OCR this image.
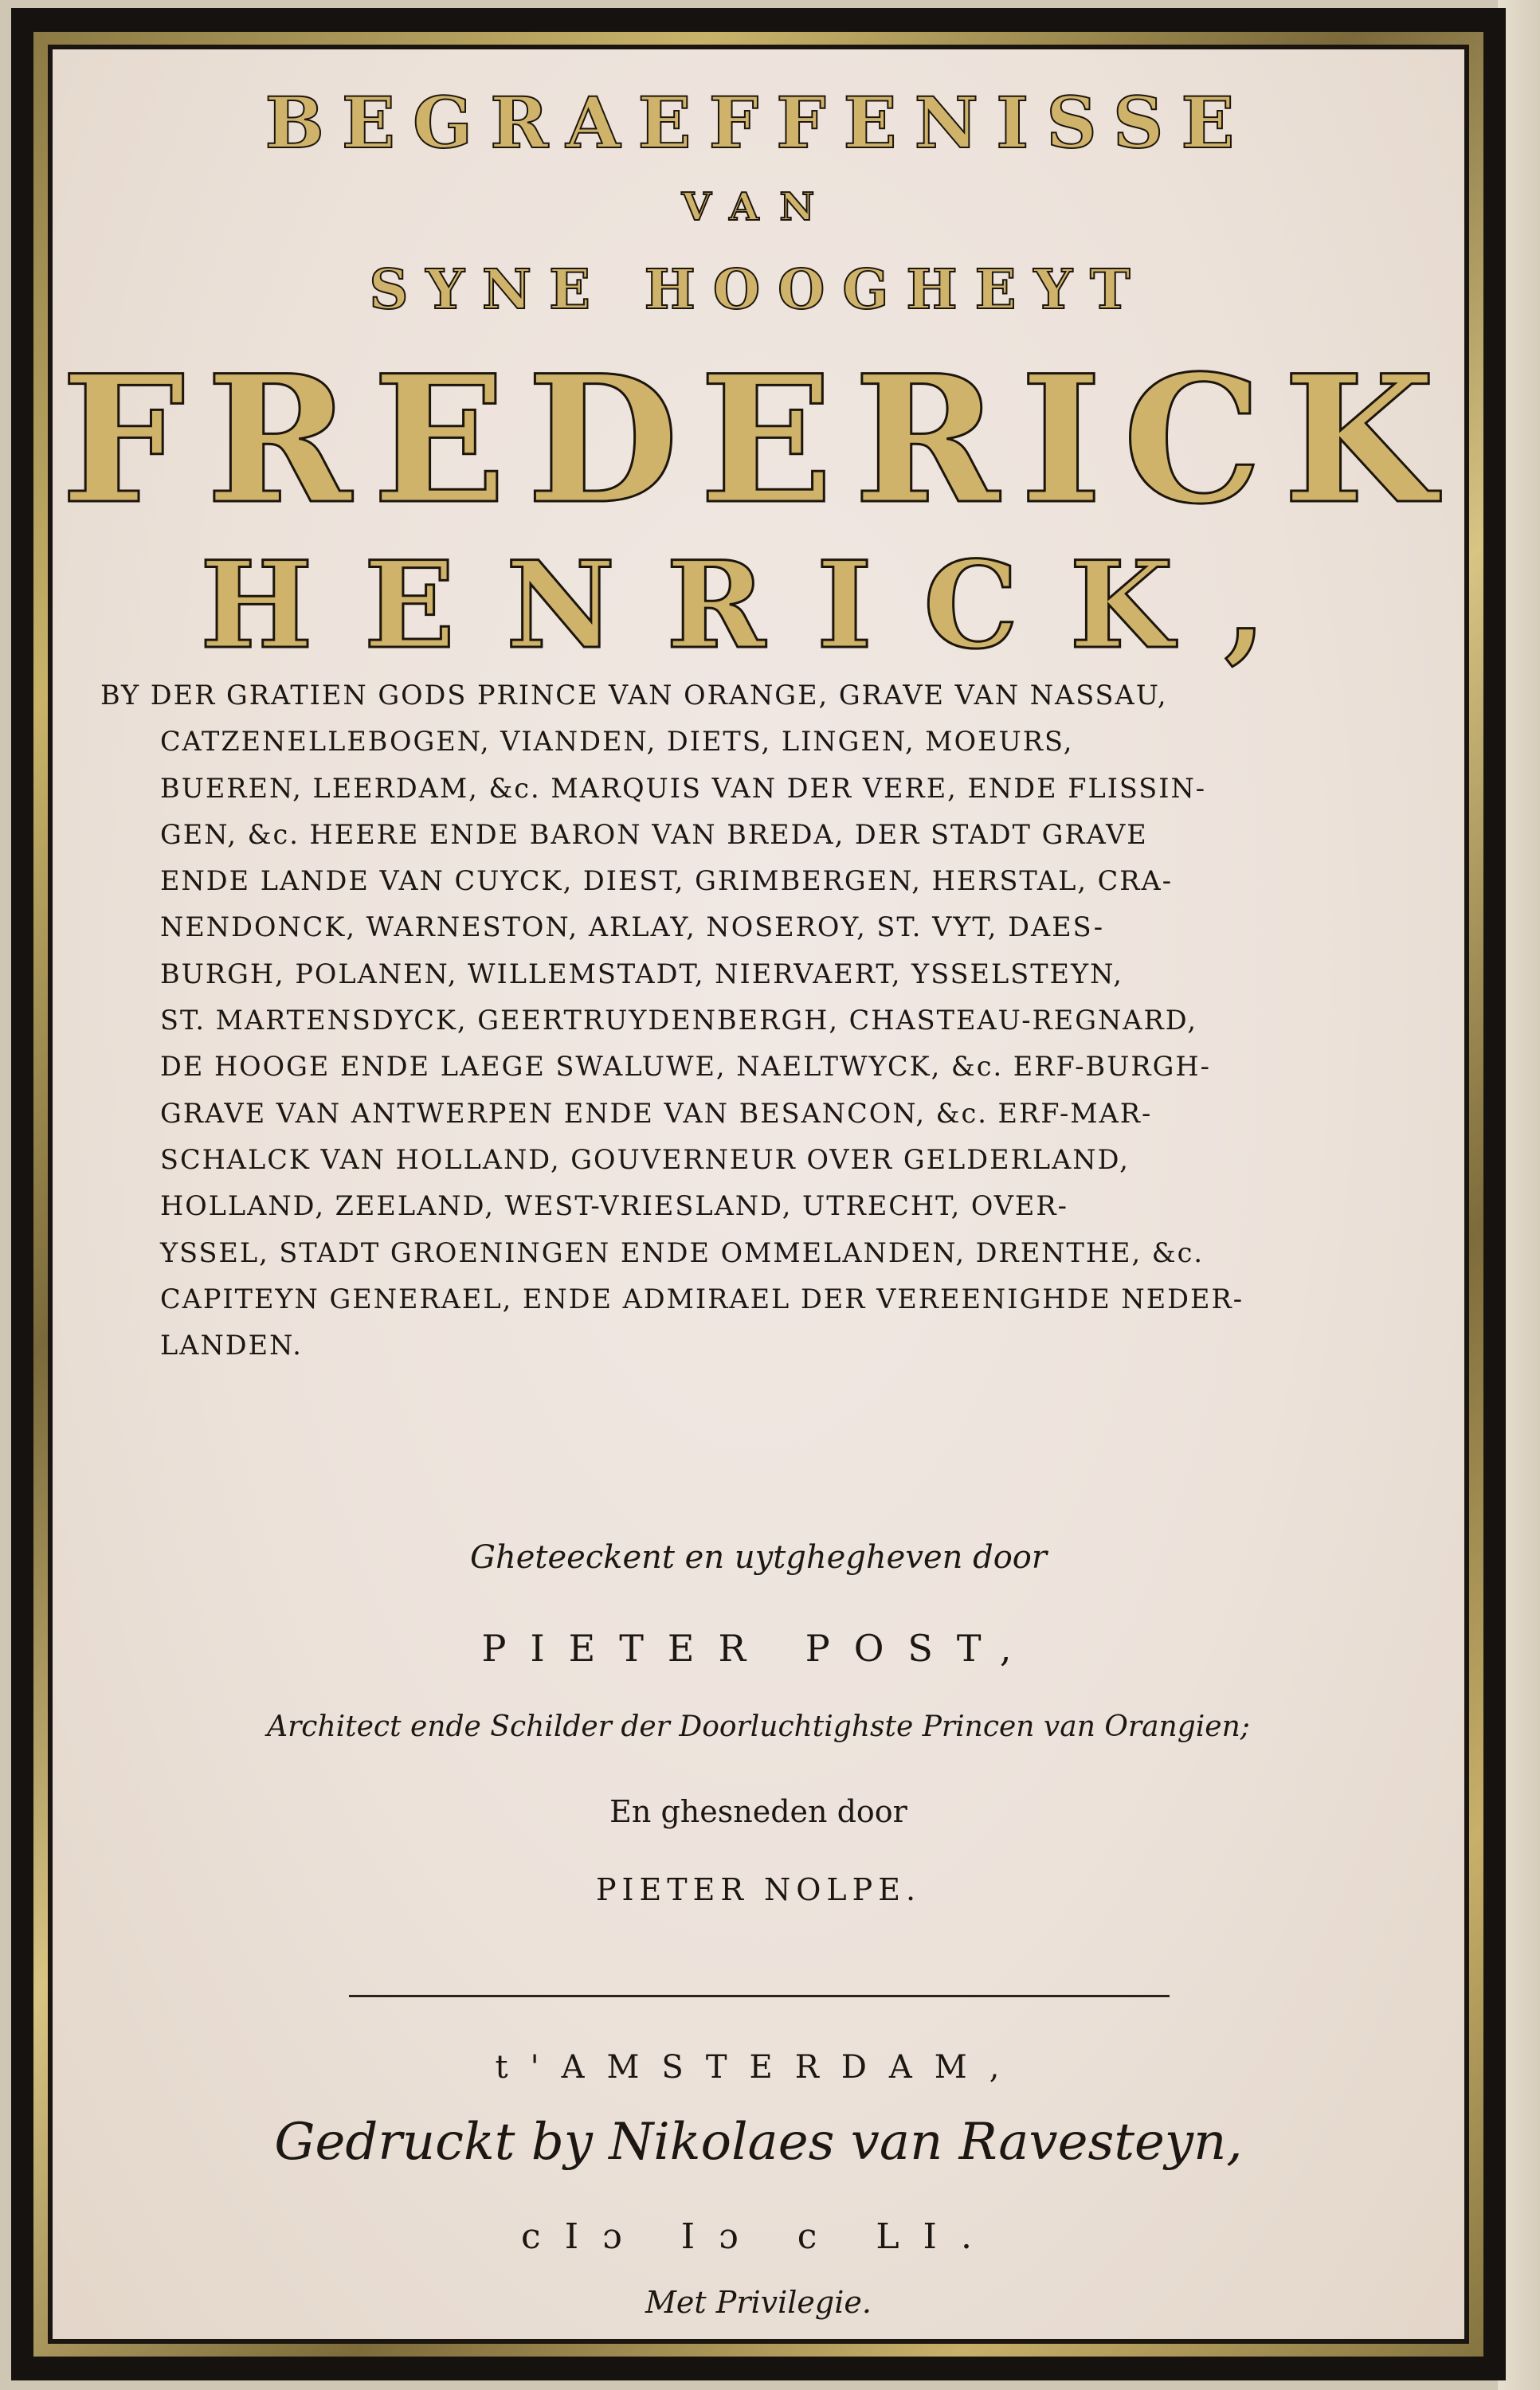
BEGRAEFFENISSE
VAN
SYNE HOOGHEYT
FREDERICK
HENRICK,
BY DER GRATIEN GODS PRINCE VAN ORANGE, GRAVE VAN NASSAU,
CATZENELLEBOGEN, VIANDEN, DIETS, LINGEN, MOEURS,
BUEREN, LEERDAM, &c. MARQUIS VAN DER VERE, ENDE FLISSIN-
GEN, &c. HEERE ENDE BARON VAN BREDA, DER STADT GRAVE
ENDE LANDE VAN CUYCK, DIEST, GRIMBERGEN, HERSTAL, CRA-
NENDONCK, WARNESTON, ARLAY, NOSEROY, ST. VYT, DAES-
BURGH, POLANEN, WILLEMSTADT, NIERVAERT, YSSELSTEYN,
ST. MARTENSDYCK, GEERTRUYDENBERGH, CHASTEAU-REGNARD,
DE HOOGE ENDE LAEGE SWALUWE, NAELTWYCK, &c. ERF-BURGH-
GRAVE VAN ANTWERPEN ENDE VAN BESANCON, &c. ERF-MAR-
SCHALCK VAN HOLLAND, GOUVERNEUR OVER GELDERLAND,
HOLLAND, ZEELAND, WEST-VRIESLAND, UTRECHT, OVER-
YSSEL, STADT GROENINGEN ENDE OMMELANDEN, DRENTHE, &c.
CAPITEYN GENERAEL, ENDE ADMIRAEL DER VEREENIGHDE NEDER-
LANDEN.
Gheteeckent en uytghegheven door
PIETER POST,
Architect ende Schilder der Doorluchtighste Princen van Orangien;
En ghesneden door
PIETER NOLPE.
t'AMSTERDAM,
Gedruckt by Nikolaes van Ravesteyn,
cIɔ Iɔ c LI.
Met Privilegie.
